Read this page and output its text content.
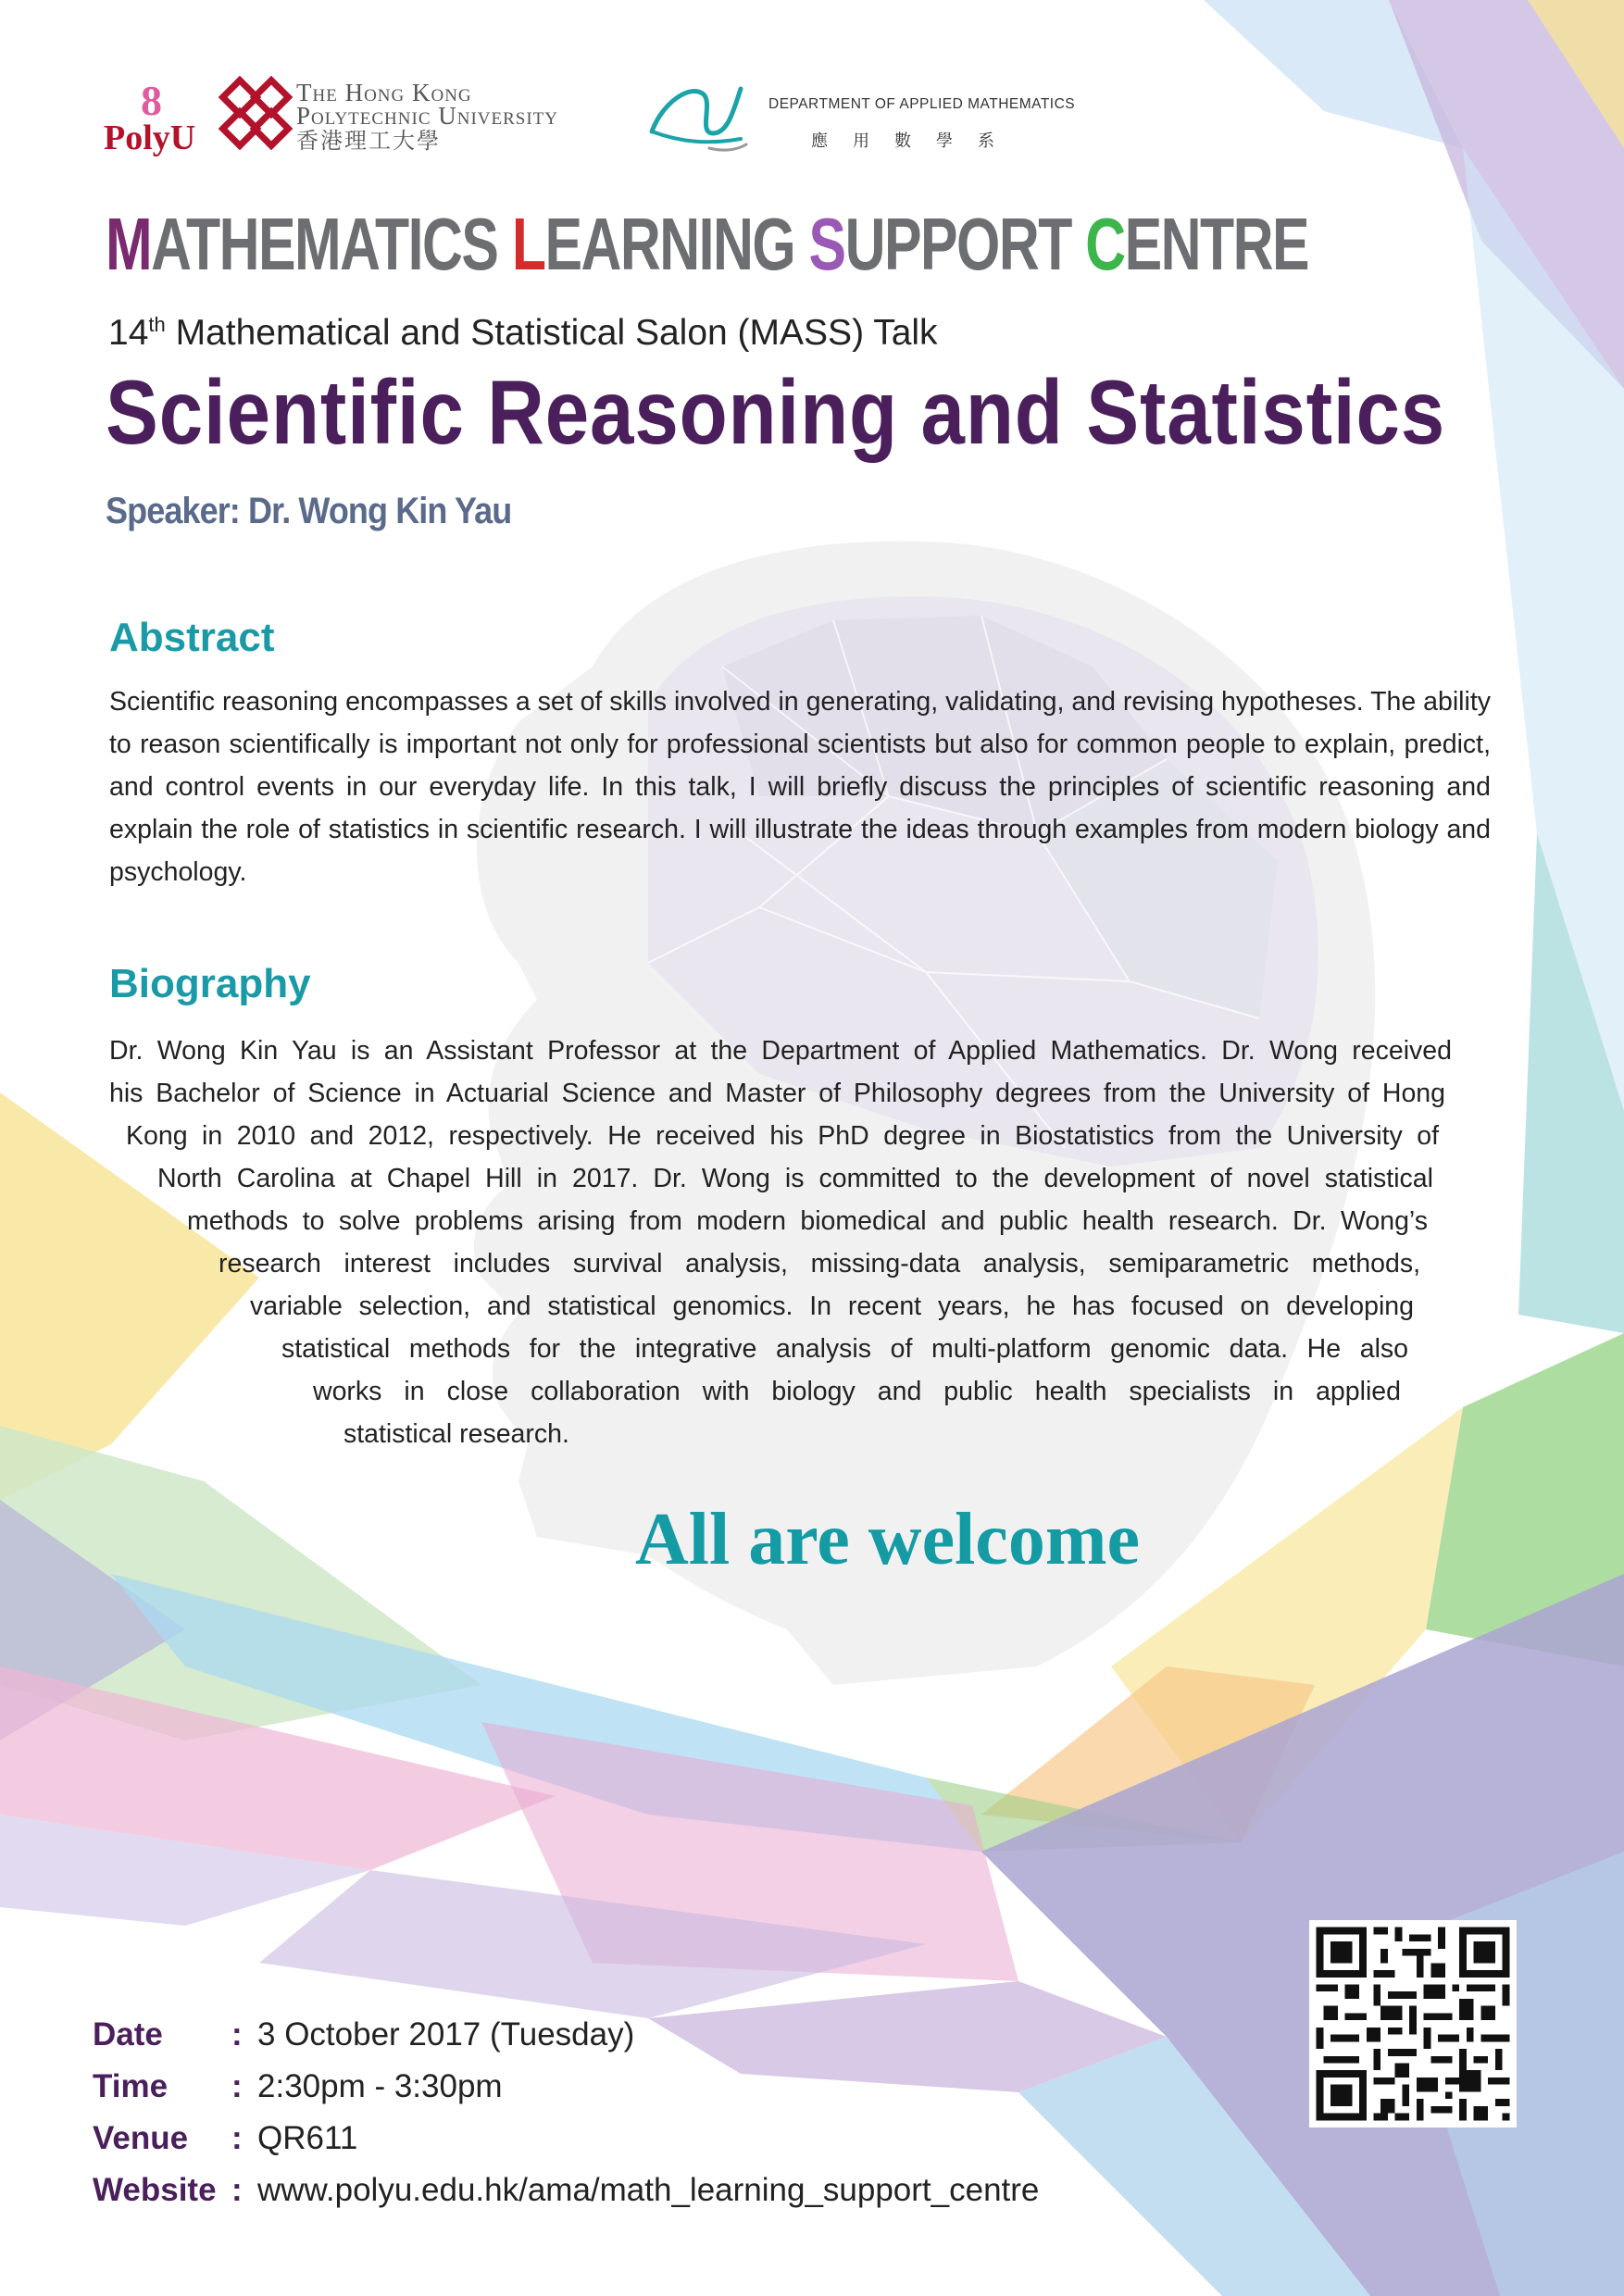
8
PolyU
The Hong Kong
Polytechnic University
香港理工大學
DEPARTMENT OF APPLIED MATHEMATICS
應用數學系
MATHEMATICS LEARNING SUPPORT CENTRE
14th Mathematical and Statistical Salon (MASS) Talk
Scientific Reasoning and Statistics
Speaker: Dr. Wong Kin Yau
Abstract
Scientific reasoning encompasses a set of skills involved in generating, validating, and revising hypotheses. The ability to reason scientifically is important not only for professional scientists but also for common people to explain, predict, and control events in our everyday life. In this talk, I will briefly discuss the principles of scientific reasoning and explain the role of statistics in scientific research. I will illustrate the ideas through examples from modern biology and psychology.
Biography
Dr. Wong Kin Yau is an Assistant Professor at the Department of Applied Mathematics. Dr. Wong received
his Bachelor of Science in Actuarial Science and Master of Philosophy degrees from the University of Hong
Kong in 2010 and 2012, respectively. He received his PhD degree in Biostatistics from the University of
North Carolina at Chapel Hill in 2017. Dr. Wong is committed to the development of novel statistical
methods to solve problems arising from modern biomedical and public health research. Dr. Wong’s
research interest includes survival analysis, missing-data analysis, semiparametric methods,
variable selection, and statistical genomics. In recent years, he has focused on developing
statistical methods for the integrative analysis of multi-platform genomic data. He also
works in close collaboration with biology and public health specialists in applied
statistical research.
All are welcome
Date : 3 October 2017 (Tuesday)
Time : 2:30pm - 3:30pm
Venue : QR611
Website : www.polyu.edu.hk/ama/math_learning_support_centre
